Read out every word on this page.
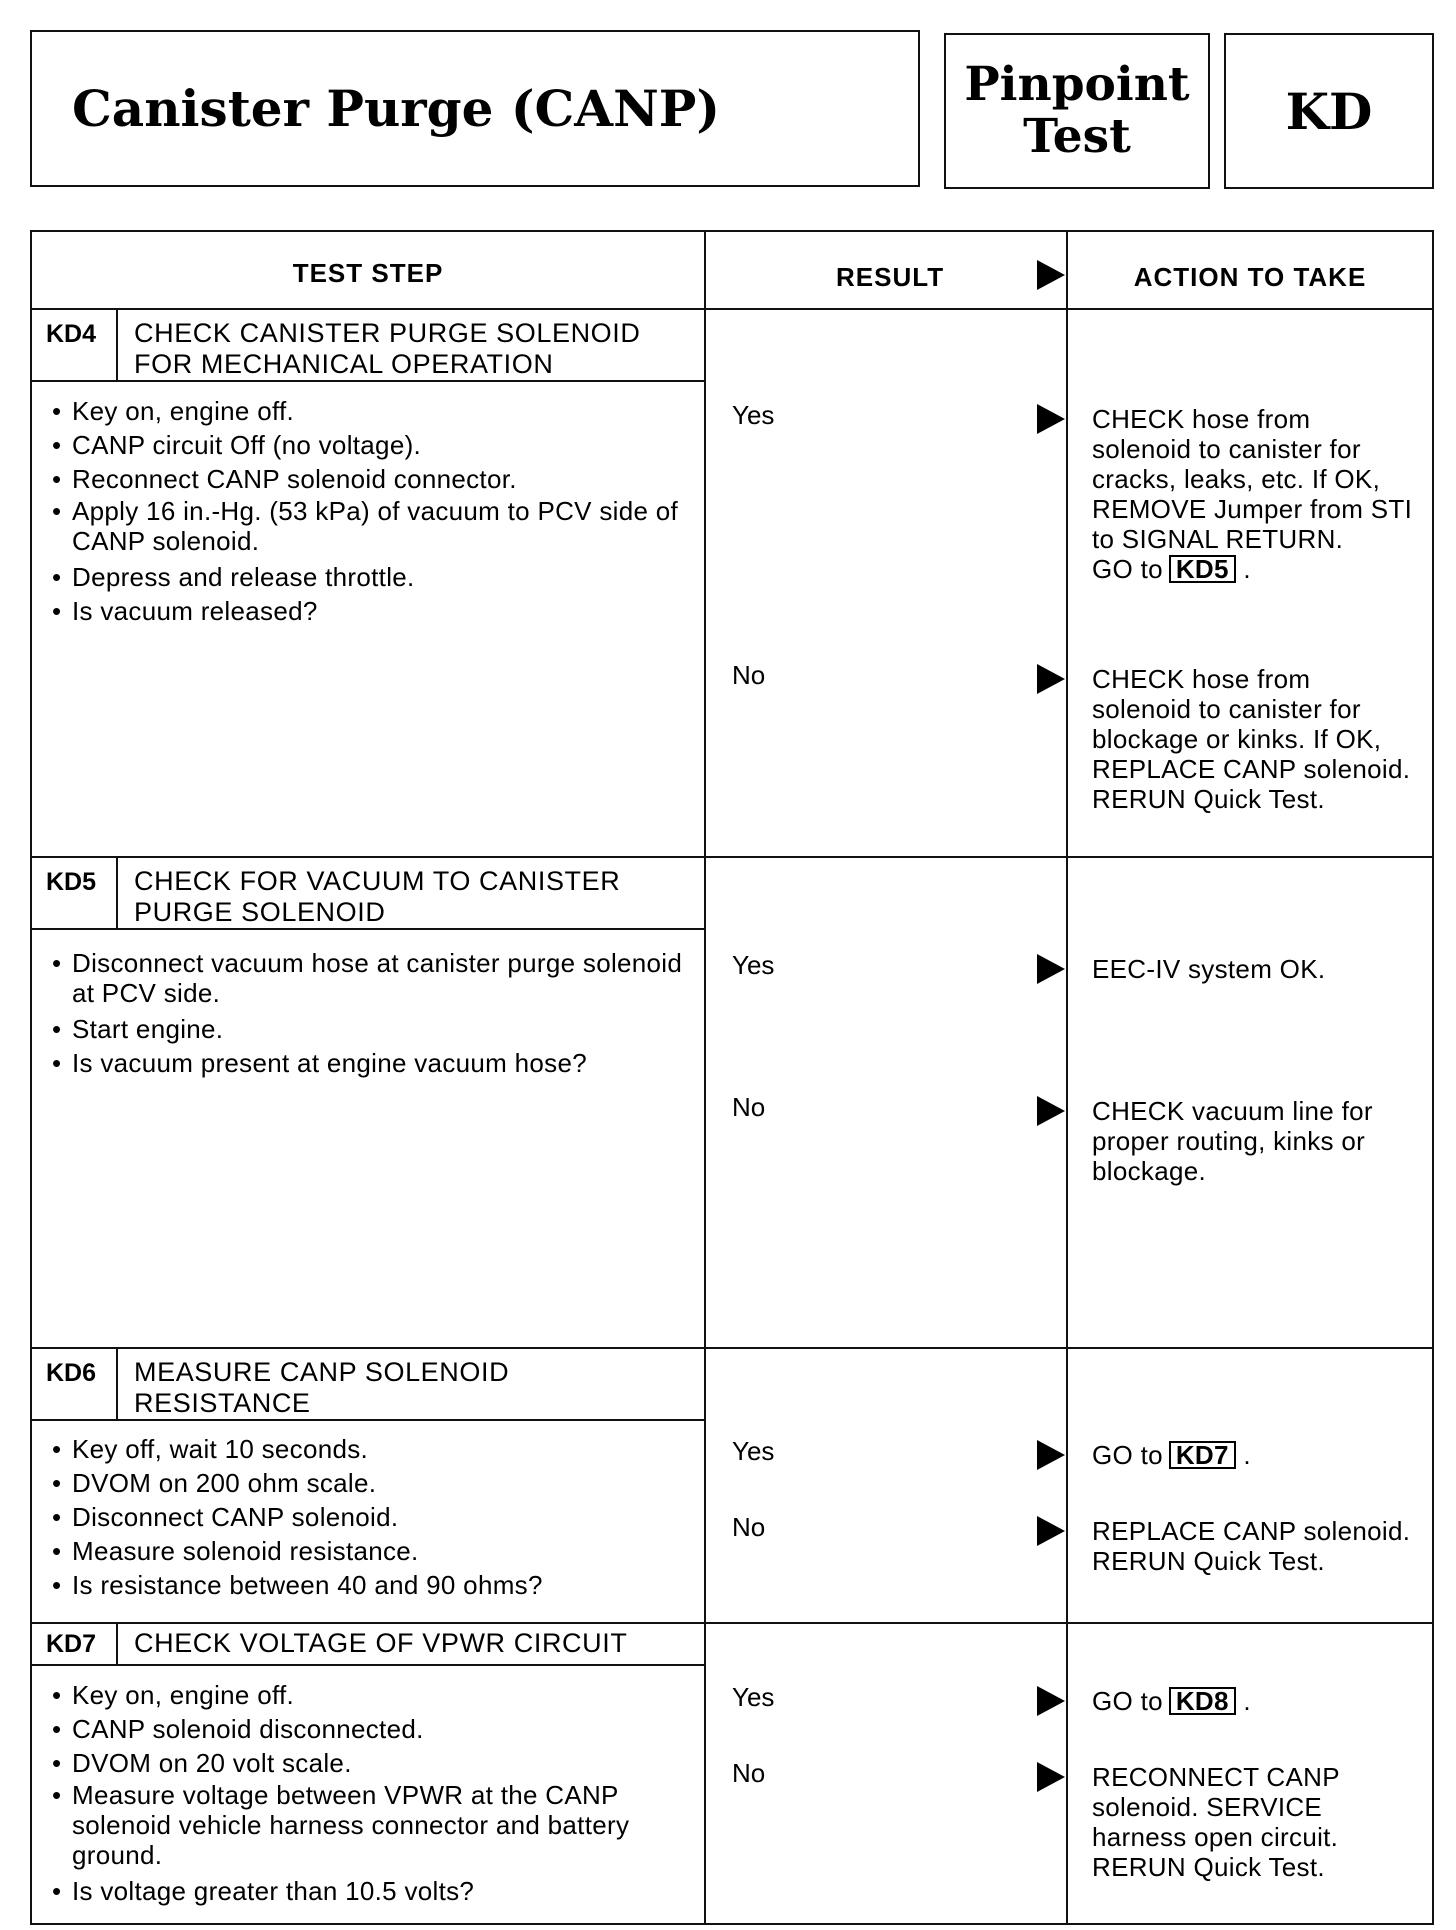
Canister Purge (CANP)	Pinpoint
Test	KD
TEST STEP	RESULT	ACTION TO TAKE
KD4 CHECK CANISTER PURGE SOLENOID FOR MECHANICAL OPERATION
• Key on, engine off.
• CANP circuit Off (no voltage).
• Reconnect CANP solenoid connector.
• Apply 16 in.-Hg. (53 kPa) of vacuum to PCV side of CANP solenoid.
• Depress and release throttle.
• Is vacuum released?
Yes	CHECK hose from solenoid to canister for cracks, leaks, etc. If OK, REMOVE Jumper from STI to SIGNAL RETURN.
GO to KD5 .
No	CHECK hose from solenoid to canister for blockage or kinks. If OK, REPLACE CANP solenoid. RERUN Quick Test.
KD5 CHECK FOR VACUUM TO CANISTER PURGE SOLENOID
• Disconnect vacuum hose at canister purge solenoid at PCV side.
• Start engine.
• Is vacuum present at engine vacuum hose?
Yes	EEC-IV system OK.
No	CHECK vacuum line for proper routing, kinks or blockage.
KD6 MEASURE CANP SOLENOID RESISTANCE
• Key off, wait 10 seconds.
• DVOM on 200 ohm scale.
• Disconnect CANP solenoid.
• Measure solenoid resistance.
• Is resistance between 40 and 90 ohms?
Yes	GO to KD7 .
No	REPLACE CANP solenoid. RERUN Quick Test.
KD7 CHECK VOLTAGE OF VPWR CIRCUIT
• Key on, engine off.
• CANP solenoid disconnected.
• DVOM on 20 volt scale.
• Measure voltage between VPWR at the CANP solenoid vehicle harness connector and battery ground.
• Is voltage greater than 10.5 volts?
Yes	GO to KD8 .
No	RECONNECT CANP solenoid. SERVICE harness open circuit. RERUN Quick Test.
